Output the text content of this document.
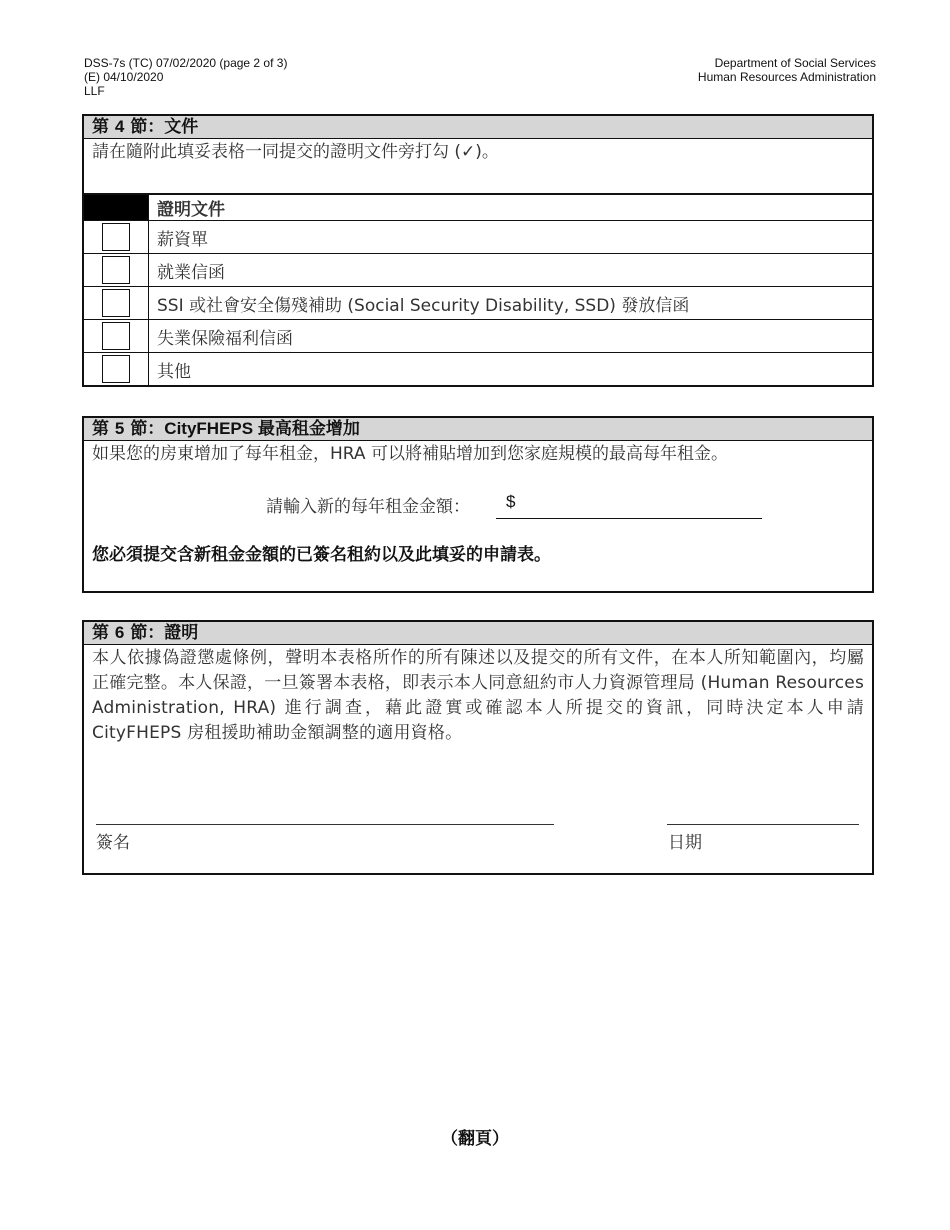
DSS-7s (TC) 07/02/2020 (page 2 of 3)
(E) 04/10/2020
LLF
Department of Social Services
Human Resources Administration
第 4 節：文件
請在隨附此填妥表格一同提交的證明文件旁打勾 (✓)。
	證明文件
	薪資單
	就業信函
	SSI 或社會安全傷殘補助 (Social Security Disability, SSD) 發放信函
	失業保險福利信函
	其他
第 5 節：CityFHEPS 最高租金增加
如果您的房東增加了每年租金，HRA 可以將補貼增加到您家庭規模的最高每年租金。
請輸入新的每年租金金額：	$
您必須提交含新租金金額的已簽名租約以及此填妥的申請表。
第 6 節：證明
本人依據偽證懲處條例，聲明本表格所作的所有陳述以及提交的所有文件，在本人所知範圍內，均屬正確完整。本人保證，一旦簽署本表格，即表示本人同意紐約市人力資源管理局 (Human Resources Administration, HRA) 進行調查，藉此證實或確認本人所提交的資訊，同時決定本人申請 CityFHEPS 房租援助補助金額調整的適用資格。
簽名	日期
（翻頁）
